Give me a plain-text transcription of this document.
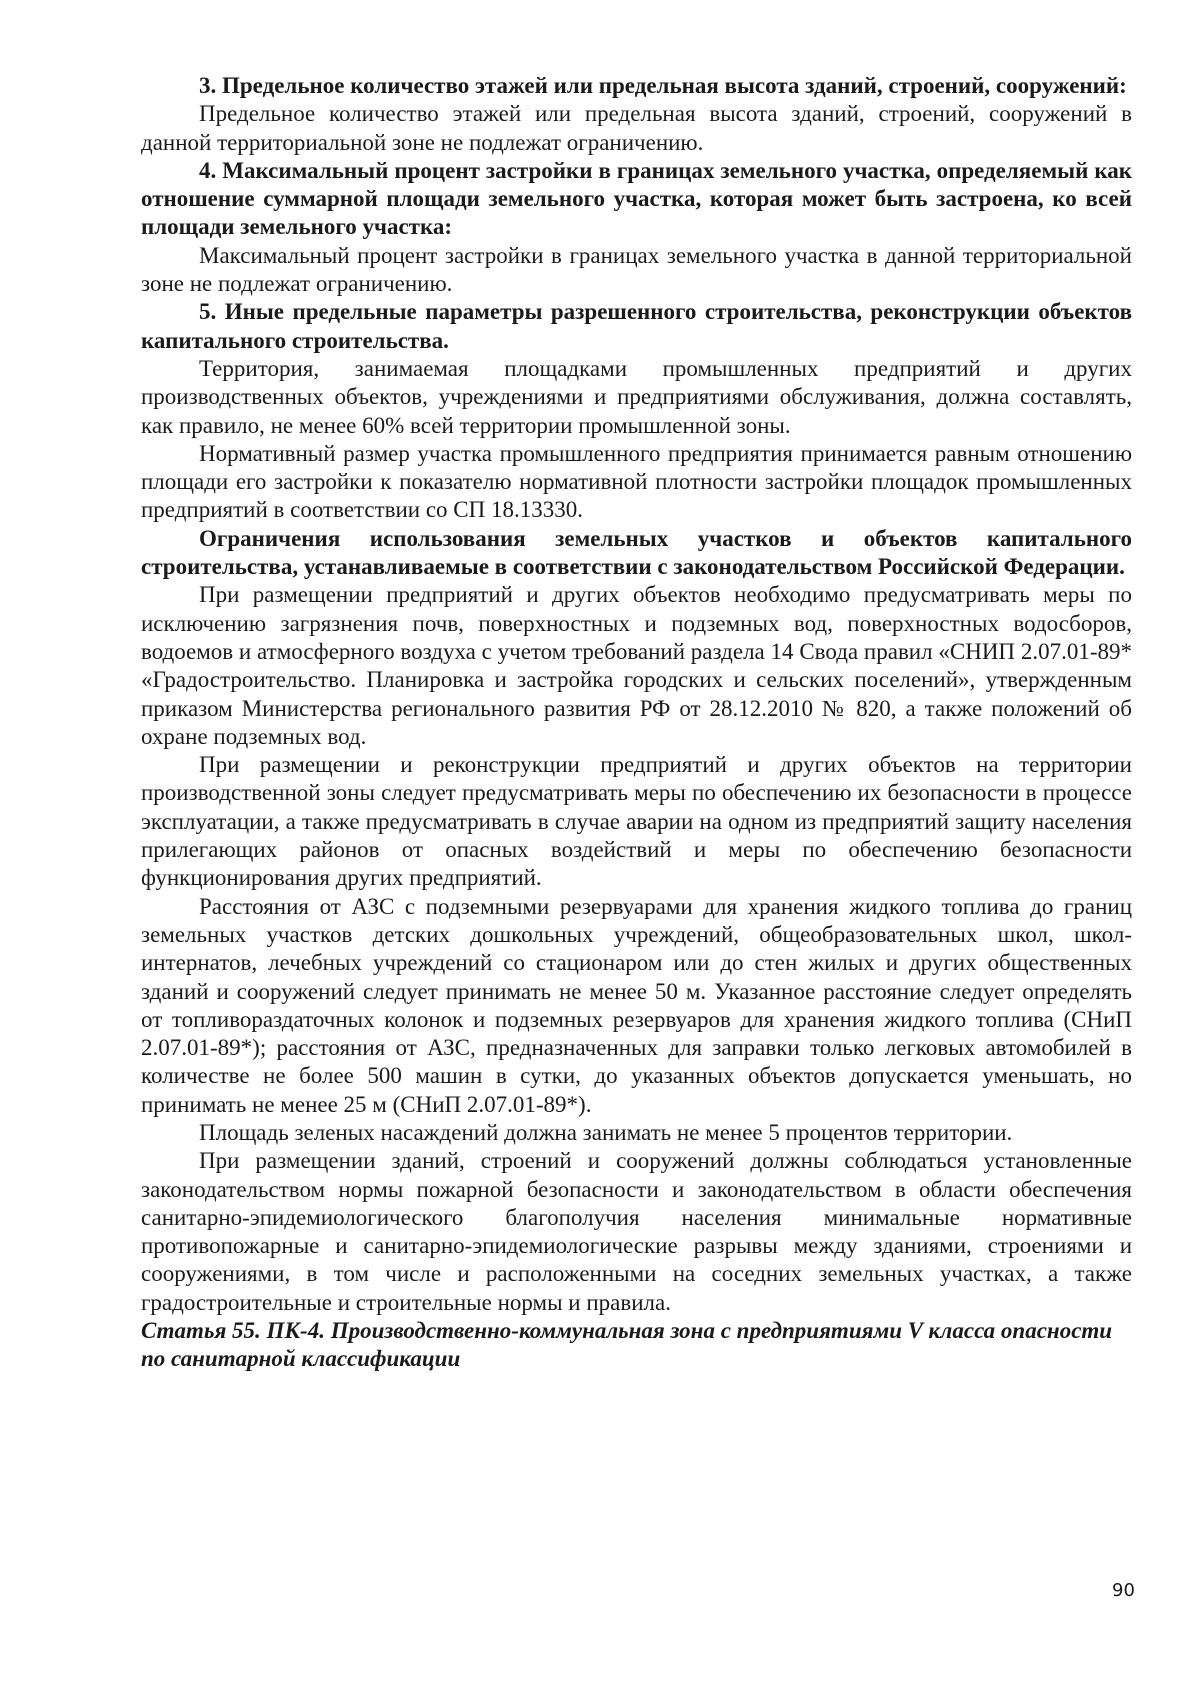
3. Предельное количество этажей или предельная высота зданий, строений, сооружений:

Предельное количество этажей или предельная высота зданий, строений, сооружений в данной территориальной зоне не подлежат ограничению.

4. Максимальный процент застройки в границах земельного участка, определяемый как отношение суммарной площади земельного участка, которая может быть застроена, ко всей площади земельного участка:

Максимальный процент застройки в границах земельного участка в данной территориальной зоне не подлежат ограничению.

5. Иные предельные параметры разрешенного строительства, реконструкции объектов капитального строительства.

Территория, занимаемая площадками промышленных предприятий и других производственных объектов, учреждениями и предприятиями обслуживания, должна составлять, как правило, не менее 60% всей территории промышленной зоны.

Нормативный размер участка промышленного предприятия принимается равным отношению площади его застройки к показателю нормативной плотности застройки площадок промышленных предприятий в соответствии со СП 18.13330.

Ограничения использования земельных участков и объектов капитального строительства, устанавливаемые в соответствии с законодательством Российской Федерации.

При размещении предприятий и других объектов необходимо предусматривать меры по исключению загрязнения почв, поверхностных и подземных вод, поверхностных водосборов, водоемов и атмосферного воздуха с учетом требований раздела 14 Свода правил «СНИП 2.07.01-89* «Градостроительство. Планировка и застройка городских и сельских поселений», утвержденным приказом Министерства регионального развития РФ от 28.12.2010 № 820, а также положений об охране подземных вод.

При размещении и реконструкции предприятий и других объектов на территории производственной зоны следует предусматривать меры по обеспечению их безопасности в процессе эксплуатации, а также предусматривать в случае аварии на одном из предприятий защиту населения прилегающих районов от опасных воздействий и меры по обеспечению безопасности функционирования других предприятий.

Расстояния от АЗС с подземными резервуарами для хранения жидкого топлива до границ земельных участков детских дошкольных учреждений, общеобразовательных школ, школ-интернатов, лечебных учреждений со стационаром или до стен жилых и других общественных зданий и сооружений следует принимать не менее 50 м. Указанное расстояние следует определять от топливораздаточных колонок и подземных резервуаров для хранения жидкого топлива (СНиП 2.07.01-89*); расстояния от АЗС, предназначенных для заправки только легковых автомобилей в количестве не более 500 машин в сутки, до указанных объектов допускается уменьшать, но принимать не менее 25 м (СНиП 2.07.01-89*).

Площадь зеленых насаждений должна занимать не менее 5 процентов территории.

При размещении зданий, строений и сооружений должны соблюдаться установленные законодательством нормы пожарной безопасности и законодательством в области обеспечения санитарно-эпидемиологического благополучия населения минимальные нормативные противопожарные и санитарно-эпидемиологические разрывы между зданиями, строениями и сооружениями, в том числе и расположенными на соседних земельных участках, а также градостроительные и строительные нормы и правила.

Статья 55. ПК-4. Производственно-коммунальная зона с предприятиями V класса опасности по санитарной классификации

90
